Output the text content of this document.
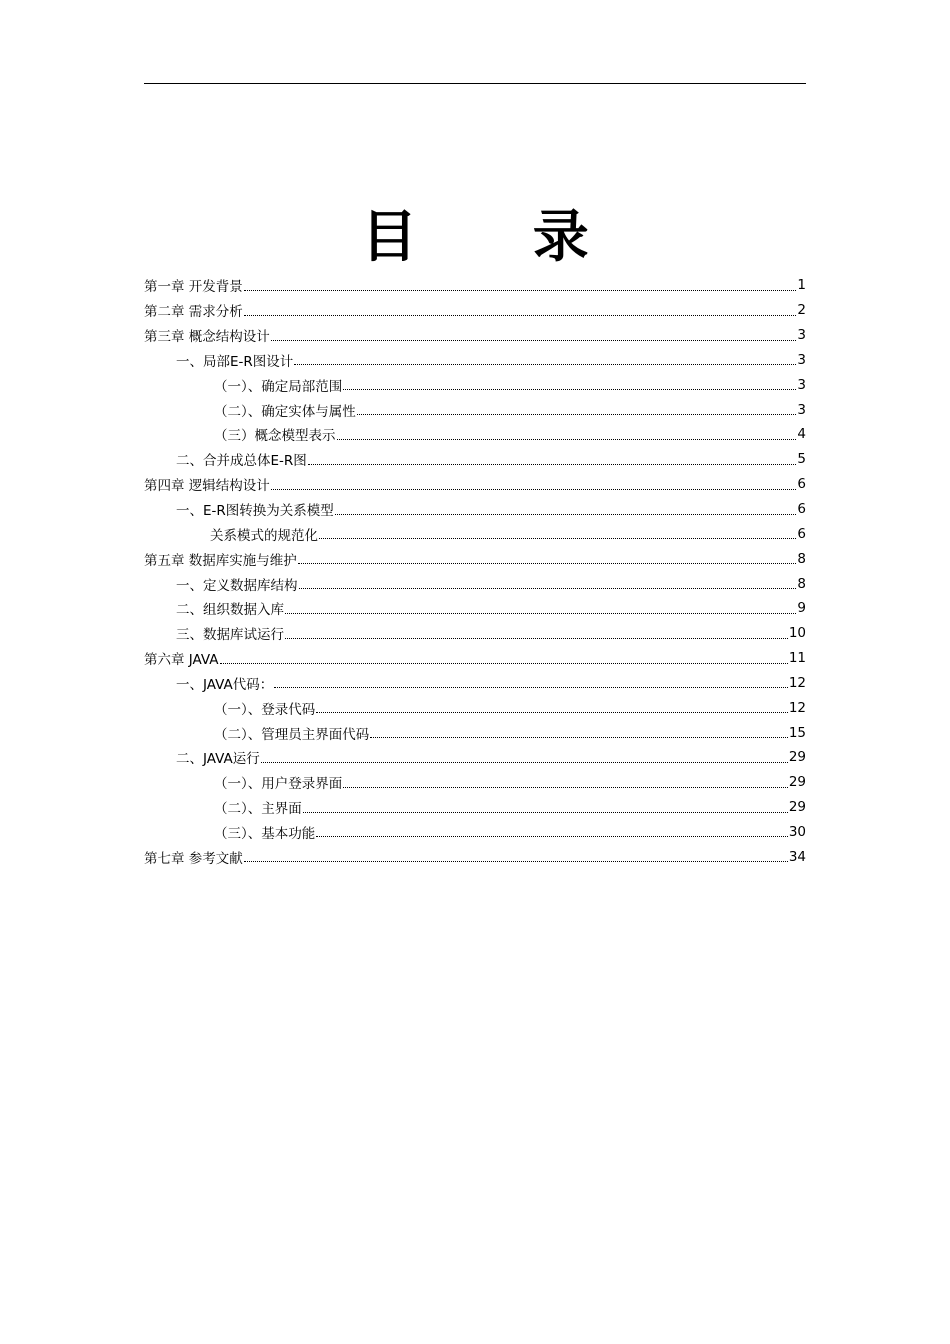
目 录
第一章 开发背景	1
第二章 需求分析	2
第三章 概念结构设计	3
一、局部E-R图设计	3
（一）、确定局部范围	3
（二）、确定实体与属性	3
（三）概念模型表示	4
二、合并成总体E-R图	5
第四章 逻辑结构设计	6
一、E-R图转换为关系模型	6
关系模式的规范化	6
第五章 数据库实施与维护	8
一、定义数据库结构	8
二、组织数据入库	9
三、数据库试运行	10
第六章 JAVA	11
一、JAVA代码：	12
（一）、登录代码	12
（二）、管理员主界面代码	15
二、JAVA运行	29
（一）、用户登录界面	29
（二）、主界面	29
（三）、基本功能	30
第七章 参考文献	34
